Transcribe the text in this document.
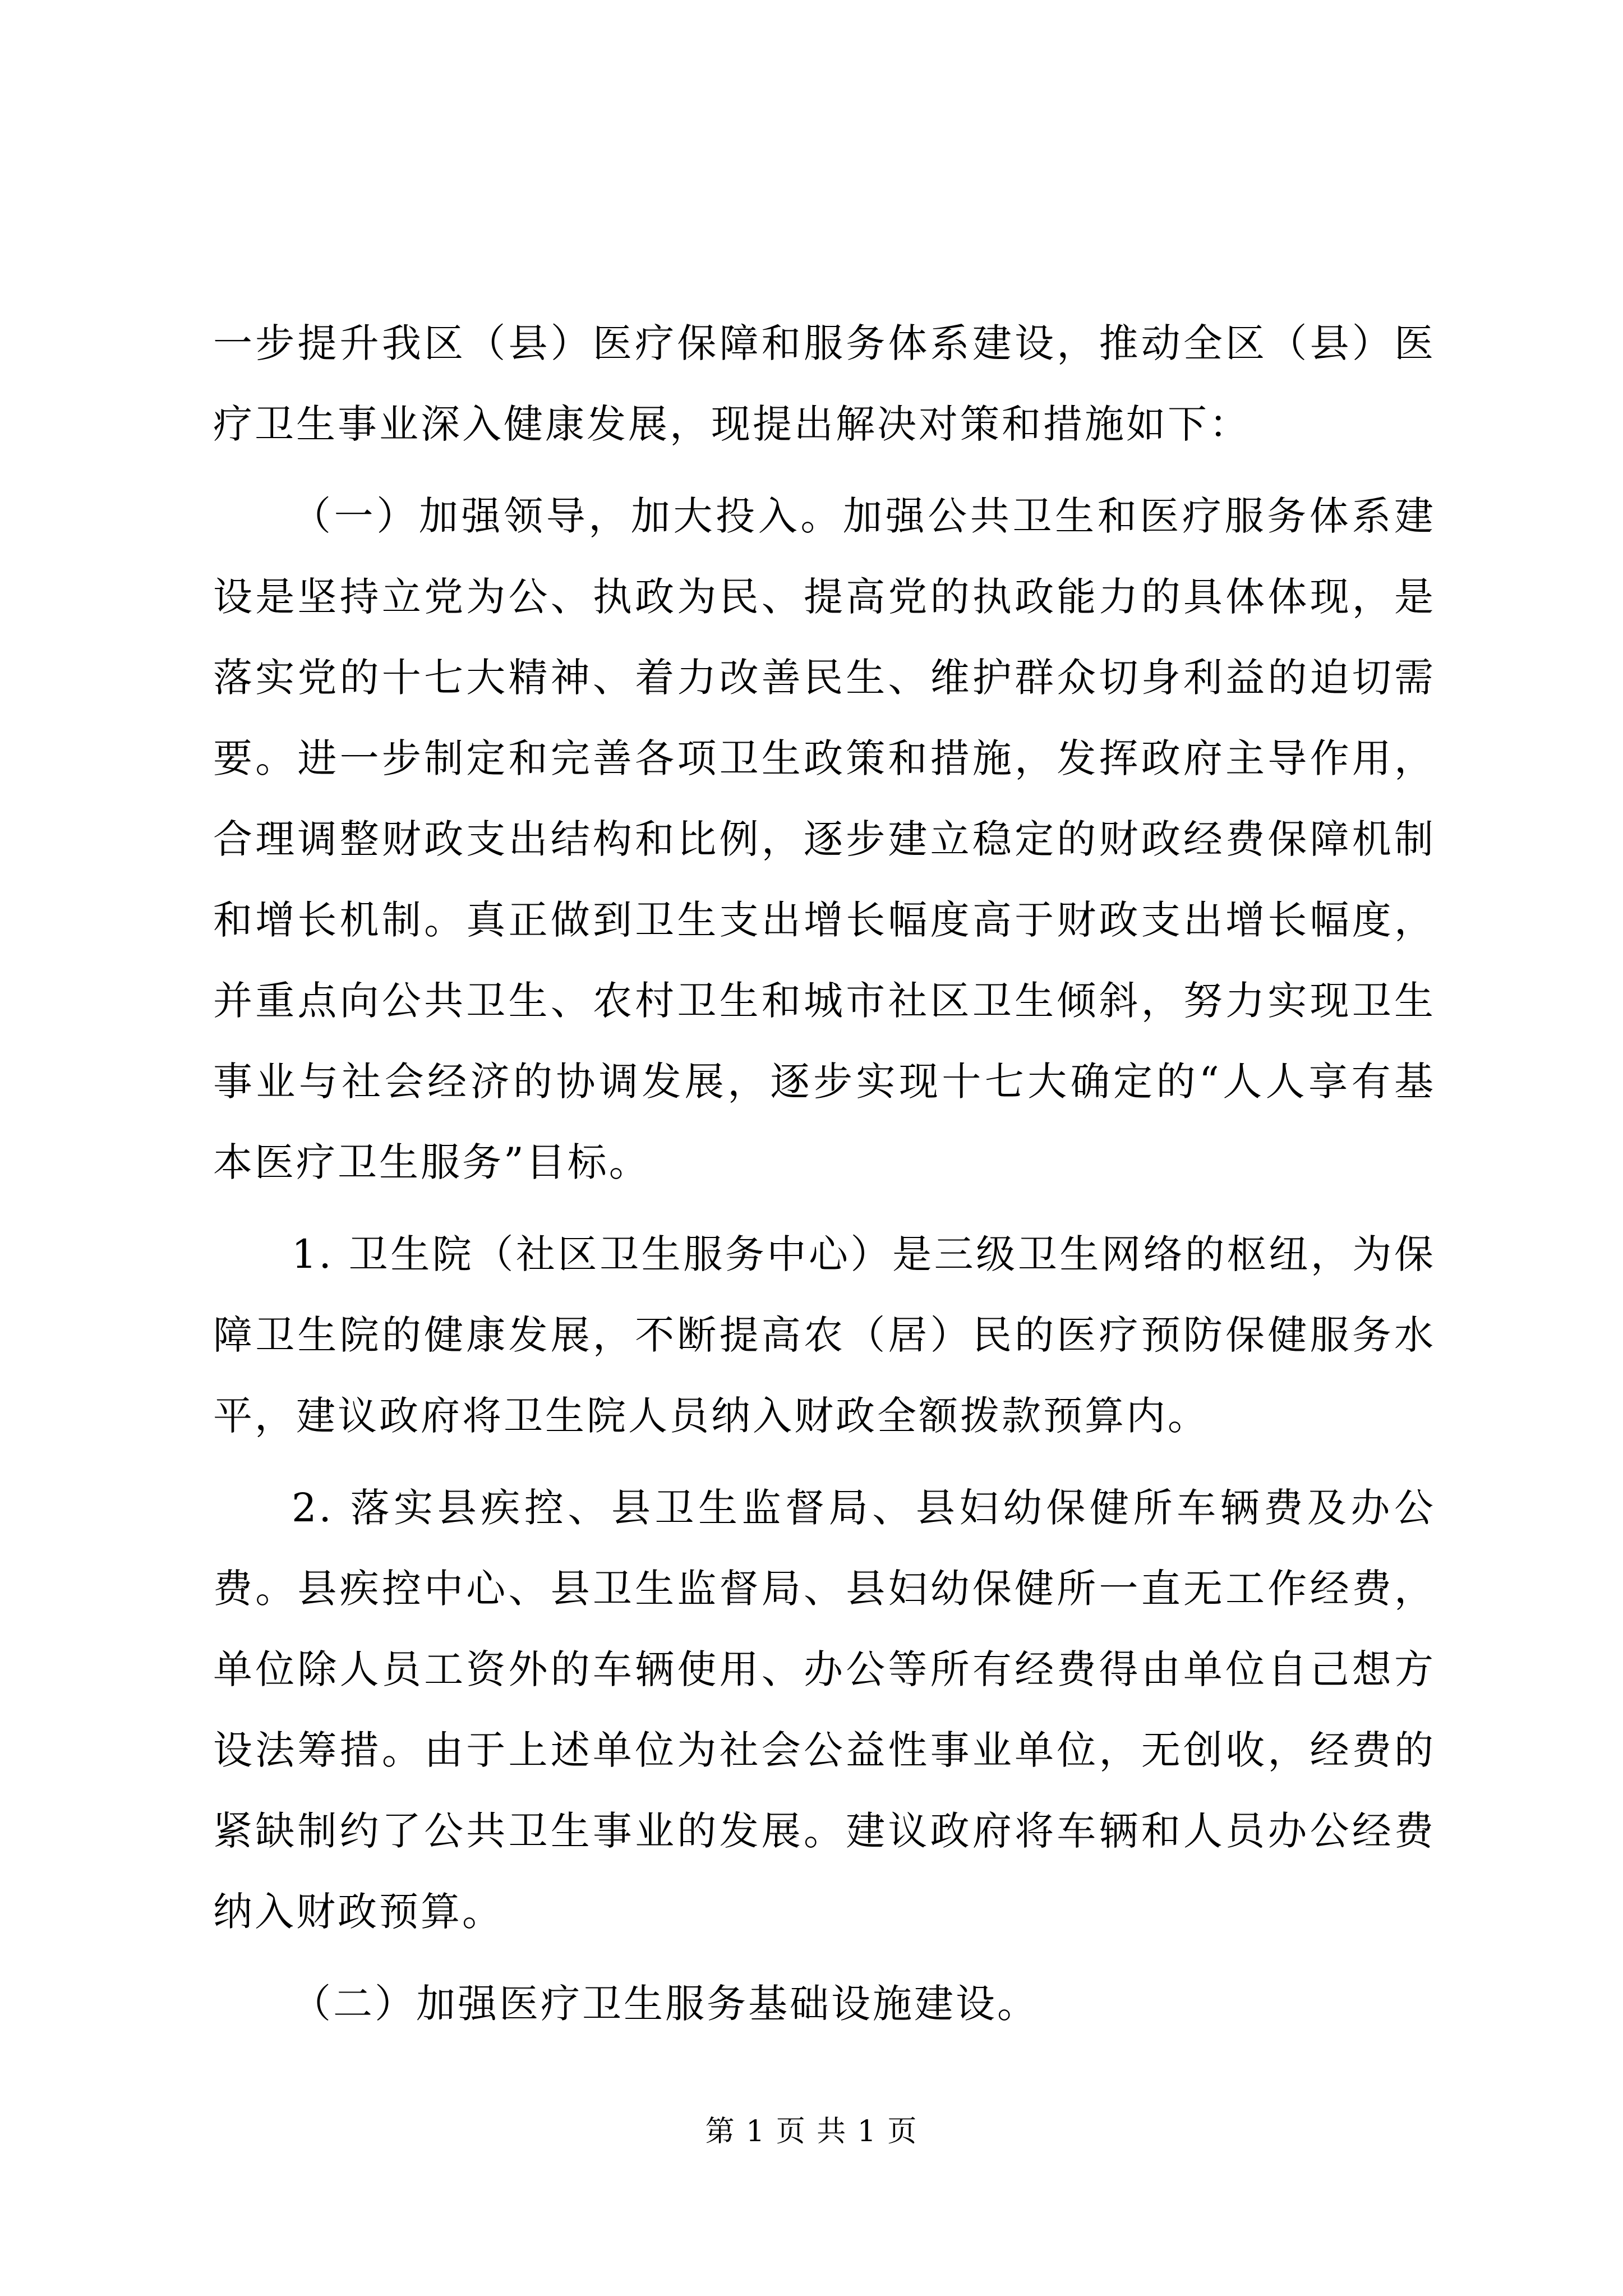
一步提升我区（县）医疗保障和服务体系建设，推动全区（县）医疗卫生事业深入健康发展，现提出解决对策和措施如下：

（一）加强领导，加大投入。加强公共卫生和医疗服务体系建设是坚持立党为公、执政为民、提高党的执政能力的具体体现，是落实党的十七大精神、着力改善民生、维护群众切身利益的迫切需要。进一步制定和完善各项卫生政策和措施，发挥政府主导作用，合理调整财政支出结构和比例，逐步建立稳定的财政经费保障机制和增长机制。真正做到卫生支出增长幅度高于财政支出增长幅度，并重点向公共卫生、农村卫生和城市社区卫生倾斜，努力实现卫生事业与社会经济的协调发展，逐步实现十七大确定的“人人享有基本医疗卫生服务”目标。

1. 卫生院（社区卫生服务中心）是三级卫生网络的枢纽，为保障卫生院的健康发展，不断提高农（居）民的医疗预防保健服务水平，建议政府将卫生院人员纳入财政全额拨款预算内。

2. 落实县疾控、县卫生监督局、县妇幼保健所车辆费及办公费。县疾控中心、县卫生监督局、县妇幼保健所一直无工作经费，单位除人员工资外的车辆使用、办公等所有经费得由单位自己想方设法筹措。由于上述单位为社会公益性事业单位，无创收，经费的紧缺制约了公共卫生事业的发展。建议政府将车辆和人员办公经费纳入财政预算。

（二）加强医疗卫生服务基础设施建设。

第 1 页 共 1 页
